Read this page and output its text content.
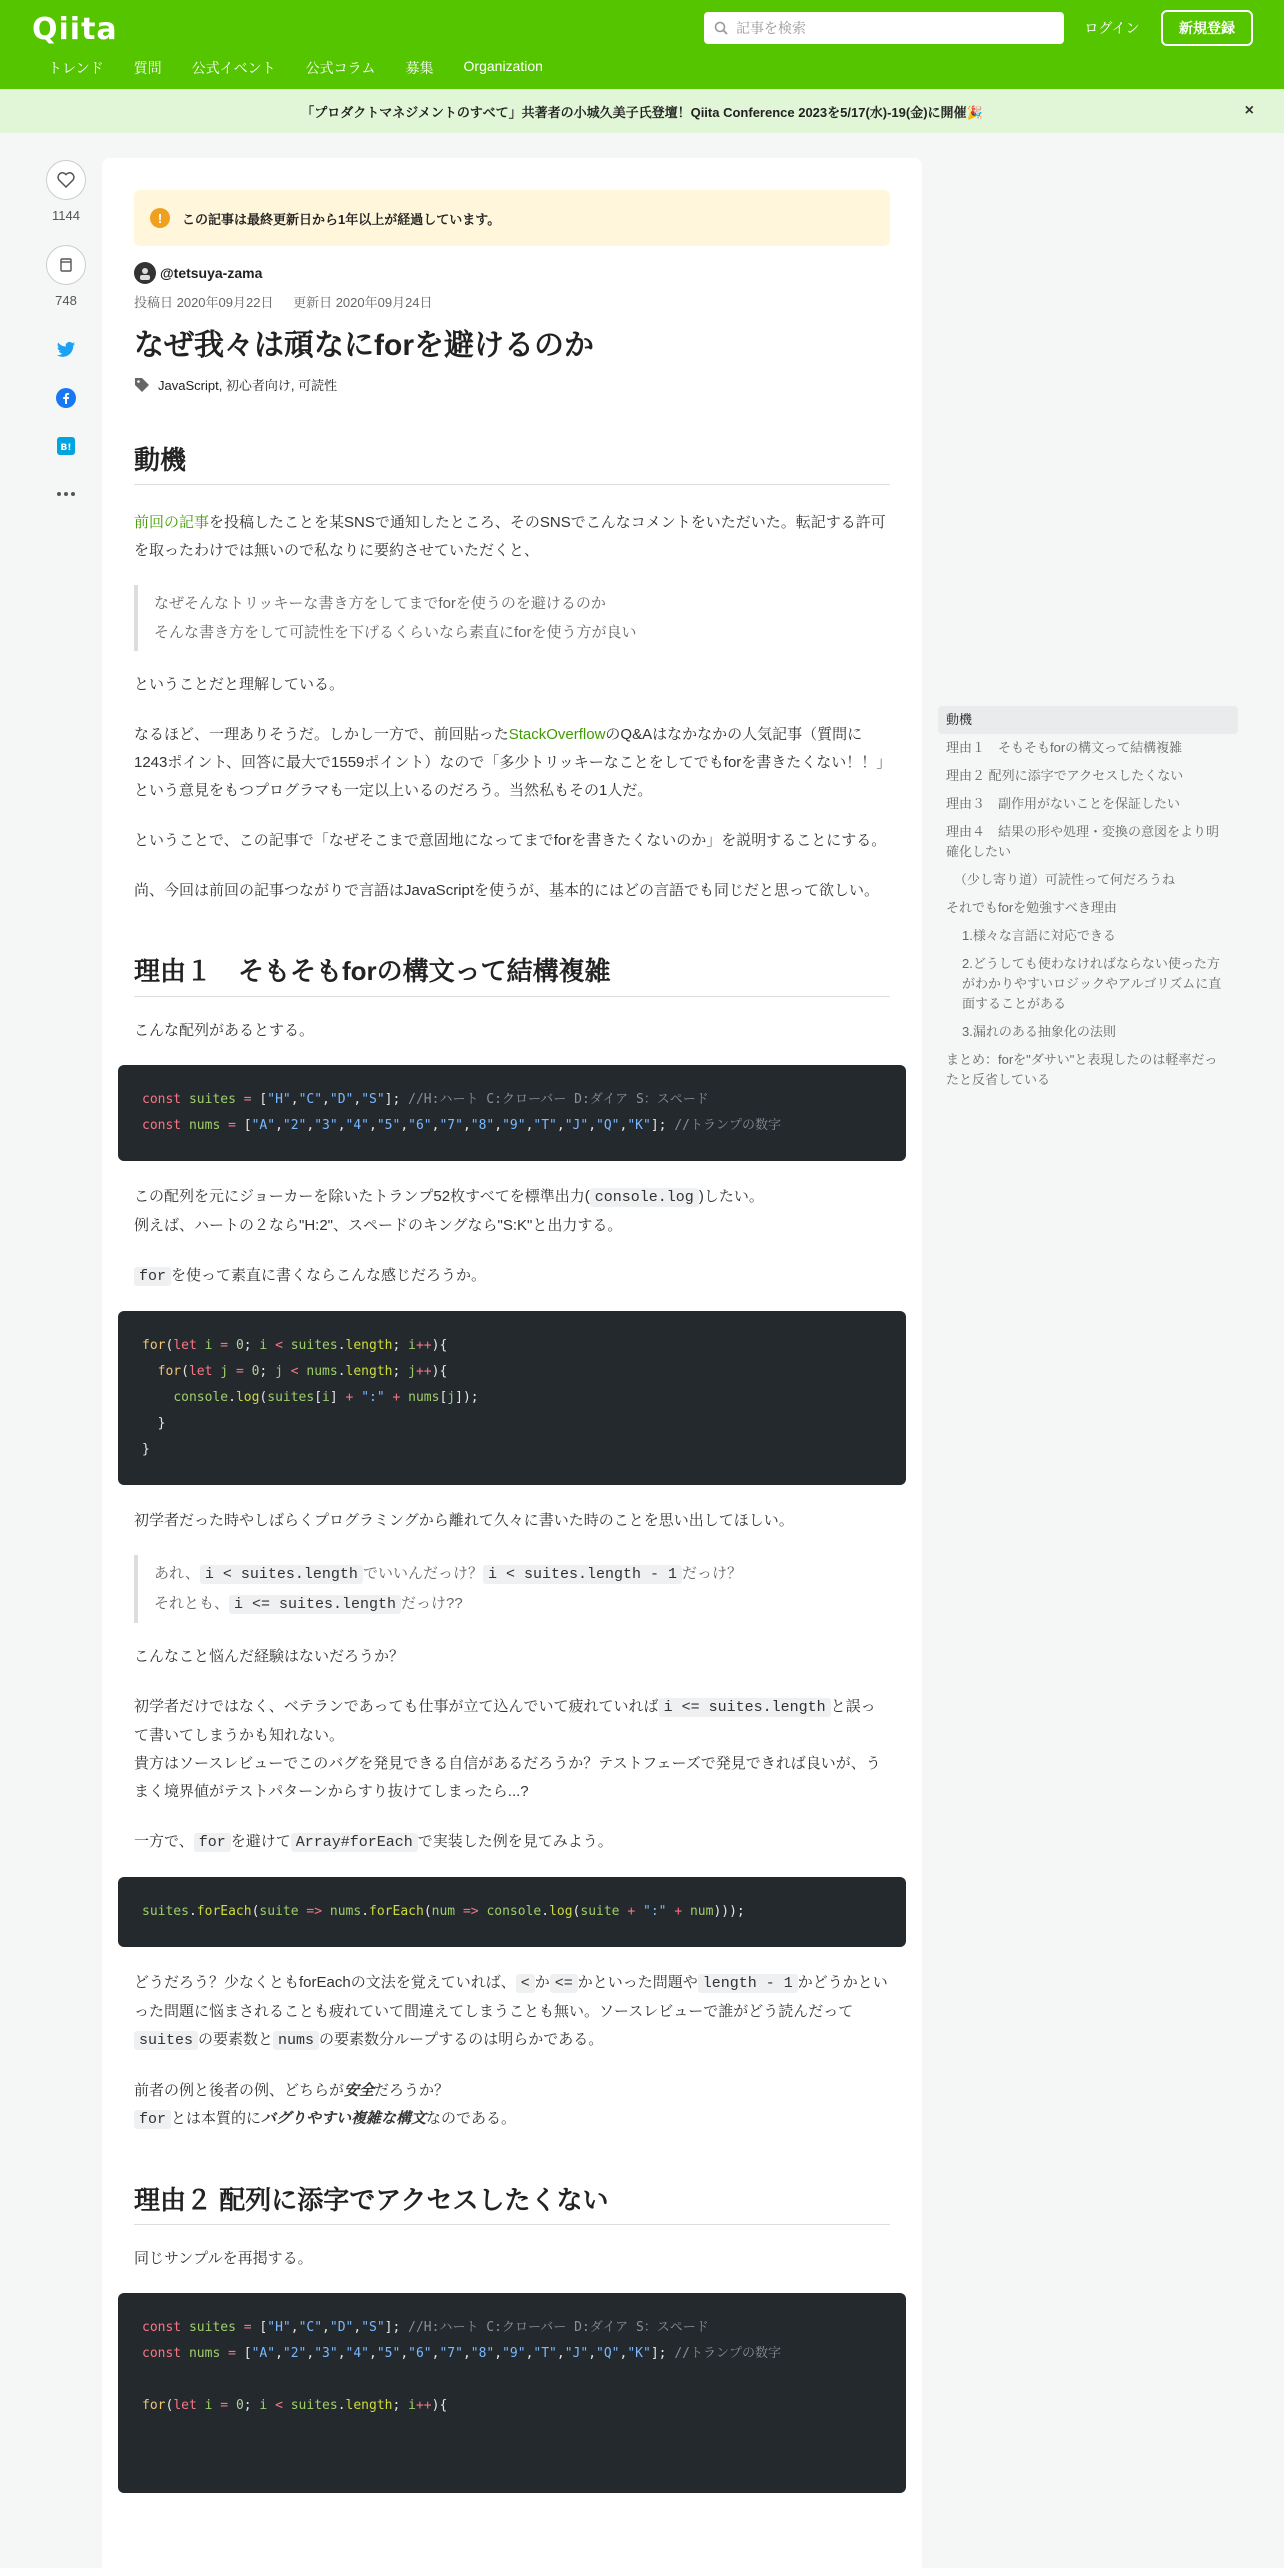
Qiita	記事を検索	ログイン	新規登録
トレンド 質問 公式イベント 公式コラム 募集 Organization
「プロダクトマネジメントのすべて」共著者の小城久美子氏登壇！Qiita Conference 2023を5/17(水)-19(金)に開催🎉	×
1144
748
B!
!	この記事は最終更新日から1年以上が経過しています。
@tetsuya-zama
投稿日 2020年09月22日 更新日 2020年09月24日
なぜ我々は頑なにforを避けるのか
JavaScript, 初心者向け, 可読性
動機

前回の記事を投稿したことを某SNSで通知したところ、そのSNSでこんなコメントをいただいた。転記する許可を取ったわけでは無いので私なりに要約させていただくと、

なぜそんなトリッキーな書き方をしてまでforを使うのを避けるのか
そんな書き方をして可読性を下げるくらいなら素直にforを使う方が良い

ということだと理解している。

なるほど、一理ありそうだ。しかし一方で、前回貼ったStackOverflowのQ&Aはなかなかの人気記事（質問に1243ポイント、回答に最大で1559ポイント）なので「多少トリッキーなことをしてでもforを書きたくない！！」という意見をもつプログラマも一定以上いるのだろう。当然私もその1人だ。

ということで、この記事で「なぜそこまで意固地になってまでforを書きたくないのか」を説明することにする。

尚、今回は前回の記事つながりで言語はJavaScriptを使うが、基本的にはどの言語でも同じだと思って欲しい。

理由１　そもそもforの構文って結構複雑

こんな配列があるとする。

const suites = ["H","C","D","S"]; //H:ハート C:クローバー D:ダイア S：スペード
const nums = ["A","2","3","4","5","6","7","8","9","T","J","Q","K"]; //トランプの数字

この配列を元にジョーカーを除いたトランプ52枚すべてを標準出力( console.log )したい。
例えば、ハートの２なら"H:2"、スペードのキングなら"S:K"と出力する。

for を使って素直に書くならこんな感じだろうか。

for(let i = 0; i < suites.length; i++){
for(let j = 0; j < nums.length; j++){
console.log(suites[i] + ":" + nums[j]);
}
}

初学者だった時やしばらくプログラミングから離れて久々に書いた時のことを思い出してほしい。

あれ、 i < suites.length でいいんだっけ？ i < suites.length - 1 だっけ？
それとも、 i <= suites.length だっけ??

こんなこと悩んだ経験はないだろうか？

初学者だけではなく、ベテランであっても仕事が立て込んでいて疲れていれば i <= suites.length と誤って書いてしまうかも知れない。
貴方はソースレビューでこのバグを発見できる自信があるだろうか？テストフェーズで発見できれば良いが、うまく境界値がテストパターンからすり抜けてしまったら...?

一方で、 for を避けて Array#forEach で実装した例を見てみよう。

suites.forEach(suite => nums.forEach(num => console.log(suite + ":" + num)));

どうだろう？少なくともforEachの文法を覚えていれば、 < か <= かといった問題や length - 1 かどうかといった問題に悩まされることも疲れていて間違えてしまうことも無い。ソースレビューで誰がどう読んだってsuites の要素数と nums の要素数分ループするのは明らかである。

前者の例と後者の例、どちらが安全だろうか？
for とは本質的にバグりやすい複雑な構文なのである。

理由２ 配列に添字でアクセスしたくない

同じサンプルを再掲する。

const suites = ["H","C","D","S"]; //H:ハート C:クローバー D:ダイア S：スペード
const nums = ["A","2","3","4","5","6","7","8","9","T","J","Q","K"]; //トランプの数字

for(let i = 0; i < suites.length; i++){
動機
理由１　そもそもforの構文って結構複雑
理由２ 配列に添字でアクセスしたくない
理由３　副作用がないことを保証したい
理由４　結果の形や処理・変換の意図をより明確化したい
（少し寄り道）可読性って何だろうね
それでもforを勉強すべき理由
1.様々な言語に対応できる
2.どうしても使わなければならない使った方がわかりやすいロジックやアルゴリズムに直面することがある
3.漏れのある抽象化の法則
まとめ：forを"ダサい"と表現したのは軽率だったと反省している
